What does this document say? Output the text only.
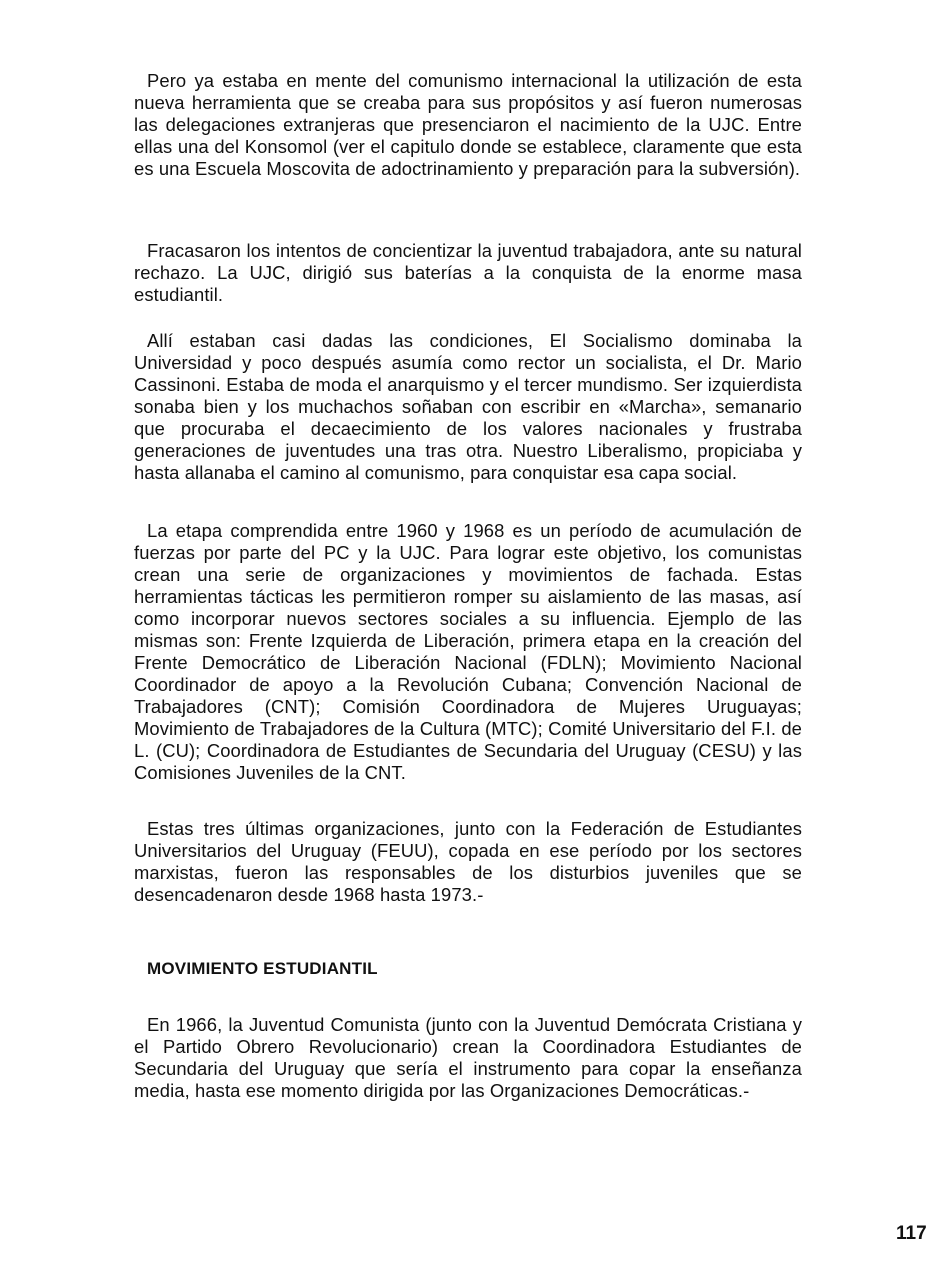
Pero ya estaba en mente del comunismo internacional la utilización de esta nueva herramienta que se creaba para sus propósitos y así fueron numerosas las delegaciones extranjeras que presenciaron el nacimiento de la UJC. Entre ellas una del Konsomol (ver el capitulo donde se establece, claramente que esta es una Escuela Moscovita de adoctrinamiento y preparación para la subversión).

Fracasaron los intentos de concientizar la juventud trabajadora, ante su natural rechazo. La UJC, dirigió sus baterías a la conquista de la enorme masa estudiantil.

Allí estaban casi dadas las condiciones, El Socialismo dominaba la Universidad y poco después asumía como rector un socialista, el Dr. Mario Cassinoni. Estaba de moda el anarquismo y el tercer mundismo. Ser izquierdista sonaba bien y los muchachos soñaban con escribir en «Marcha», semanario que procuraba el decaecimiento de los valores nacionales y frustraba generaciones de juventudes una tras otra. Nuestro Liberalismo, propiciaba y hasta allanaba el camino al comunismo, para conquistar esa capa social.

La etapa comprendida entre 1960 y 1968 es un período de acumulación de fuerzas por parte del PC y la UJC. Para lograr este objetivo, los comunistas crean una serie de organizaciones y movimientos de fachada. Estas herramientas tácticas les permitieron romper su aislamiento de las masas, así como incorporar nuevos sectores sociales a su influencia. Ejemplo de las mismas son: Frente Izquierda de Liberación, primera etapa en la creación del Frente Democrático de Liberación Nacional (FDLN); Movimiento Nacional Coordinador de apoyo a la Revolución Cubana; Convención Nacional de Trabajadores (CNT); Comisión Coordinadora de Mujeres Uruguayas; Movimiento de Trabajadores de la Cultura (MTC); Comité Universitario del F.I. de L. (CU); Coordinadora de Estudiantes de Secundaria del Uruguay (CESU) y las Comisiones Juveniles de la CNT.

Estas tres últimas organizaciones, junto con la Federación de Estudiantes Universitarios del Uruguay (FEUU), copada en ese período por los sectores marxistas, fueron las responsables de los disturbios juveniles que se desencadenaron desde 1968 hasta 1973.-

MOVIMIENTO ESTUDIANTIL

En 1966, la Juventud Comunista (junto con la Juventud Demócrata Cristiana y el Partido Obrero Revolucionario) crean la Coordinadora Estudiantes de Secundaria del Uruguay que sería el instrumento para copar la enseñanza media, hasta ese momento dirigida por las Organizaciones Democráticas.-

117
